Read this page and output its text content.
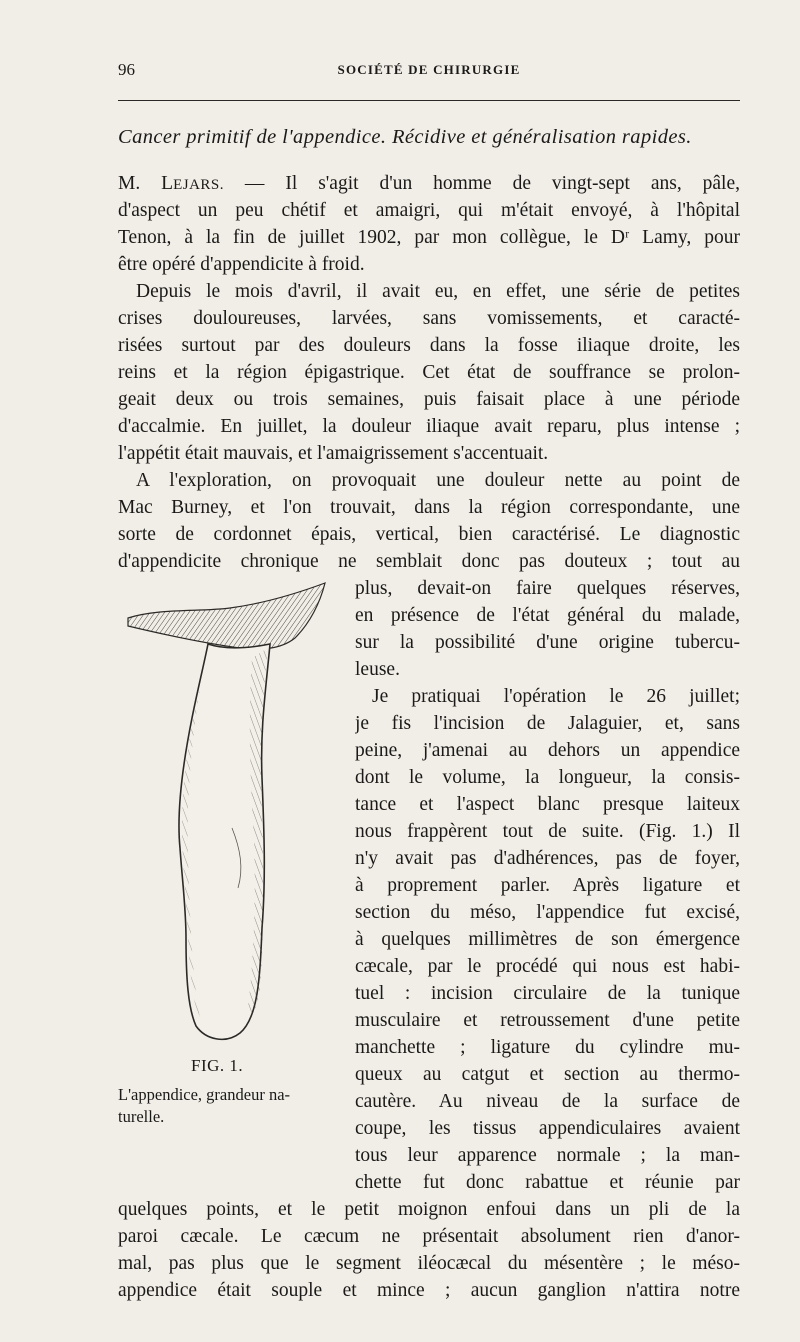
96	SOCIÉTÉ DE CHIRURGIE
Cancer primitif de l'appendice. Récidive et généralisation rapides.
M. LEJARS. — Il s'agit d'un homme de vingt-sept ans, pâle,
d'aspect un peu chétif et amaigri, qui m'était envoyé, à l'hôpital
Tenon, à la fin de juillet 1902, par mon collègue, le Dʳ Lamy, pour
être opéré d'appendicite à froid.
Depuis le mois d'avril, il avait eu, en effet, une série de petites
crises douloureuses, larvées, sans vomissements, et caracté-
risées surtout par des douleurs dans la fosse iliaque droite, les
reins et la région épigastrique. Cet état de souffrance se prolon-
geait deux ou trois semaines, puis faisait place à une période
d'accalmie. En juillet, la douleur iliaque avait reparu, plus intense ;
l'appétit était mauvais, et l'amaigrissement s'accentuait.
A l'exploration, on provoquait une douleur nette au point de
Mac Burney, et l'on trouvait, dans la région correspondante, une
sorte de cordonnet épais, vertical, bien caractérisé. Le diagnostic
d'appendicite chronique ne semblait donc pas douteux ; tout au
plus, devait-on faire quelques réserves,
en présence de l'état général du malade,
sur la possibilité d'une origine tubercu-
leuse.
Je pratiquai l'opération le 26 juillet;
je fis l'incision de Jalaguier, et, sans
peine, j'amenai au dehors un appendice
dont le volume, la longueur, la consis-
tance et l'aspect blanc presque laiteux
nous frappèrent tout de suite. (Fig. 1.) Il
n'y avait pas d'adhérences, pas de foyer,
à proprement parler. Après ligature et
section du méso, l'appendice fut excisé,
à quelques millimètres de son émergence
cæcale, par le procédé qui nous est habi-
tuel : incision circulaire de la tunique
musculaire et retroussement d'une petite
manchette ; ligature du cylindre mu-
queux au catgut et section au thermo-
cautère. Au niveau de la surface de
coupe, les tissus appendiculaires avaient
tous leur apparence normale ; la man-
chette fut donc rabattue et réunie par
quelques points, et le petit moignon enfoui dans un pli de la
paroi cæcale. Le cæcum ne présentait absolument rien d'anor-
mal, pas plus que le segment iléocæcal du mésentère ; le méso-
appendice était souple et mince ; aucun ganglion n'attira notre
FIG. 1.
L'appendice, grandeur na-
turelle.
